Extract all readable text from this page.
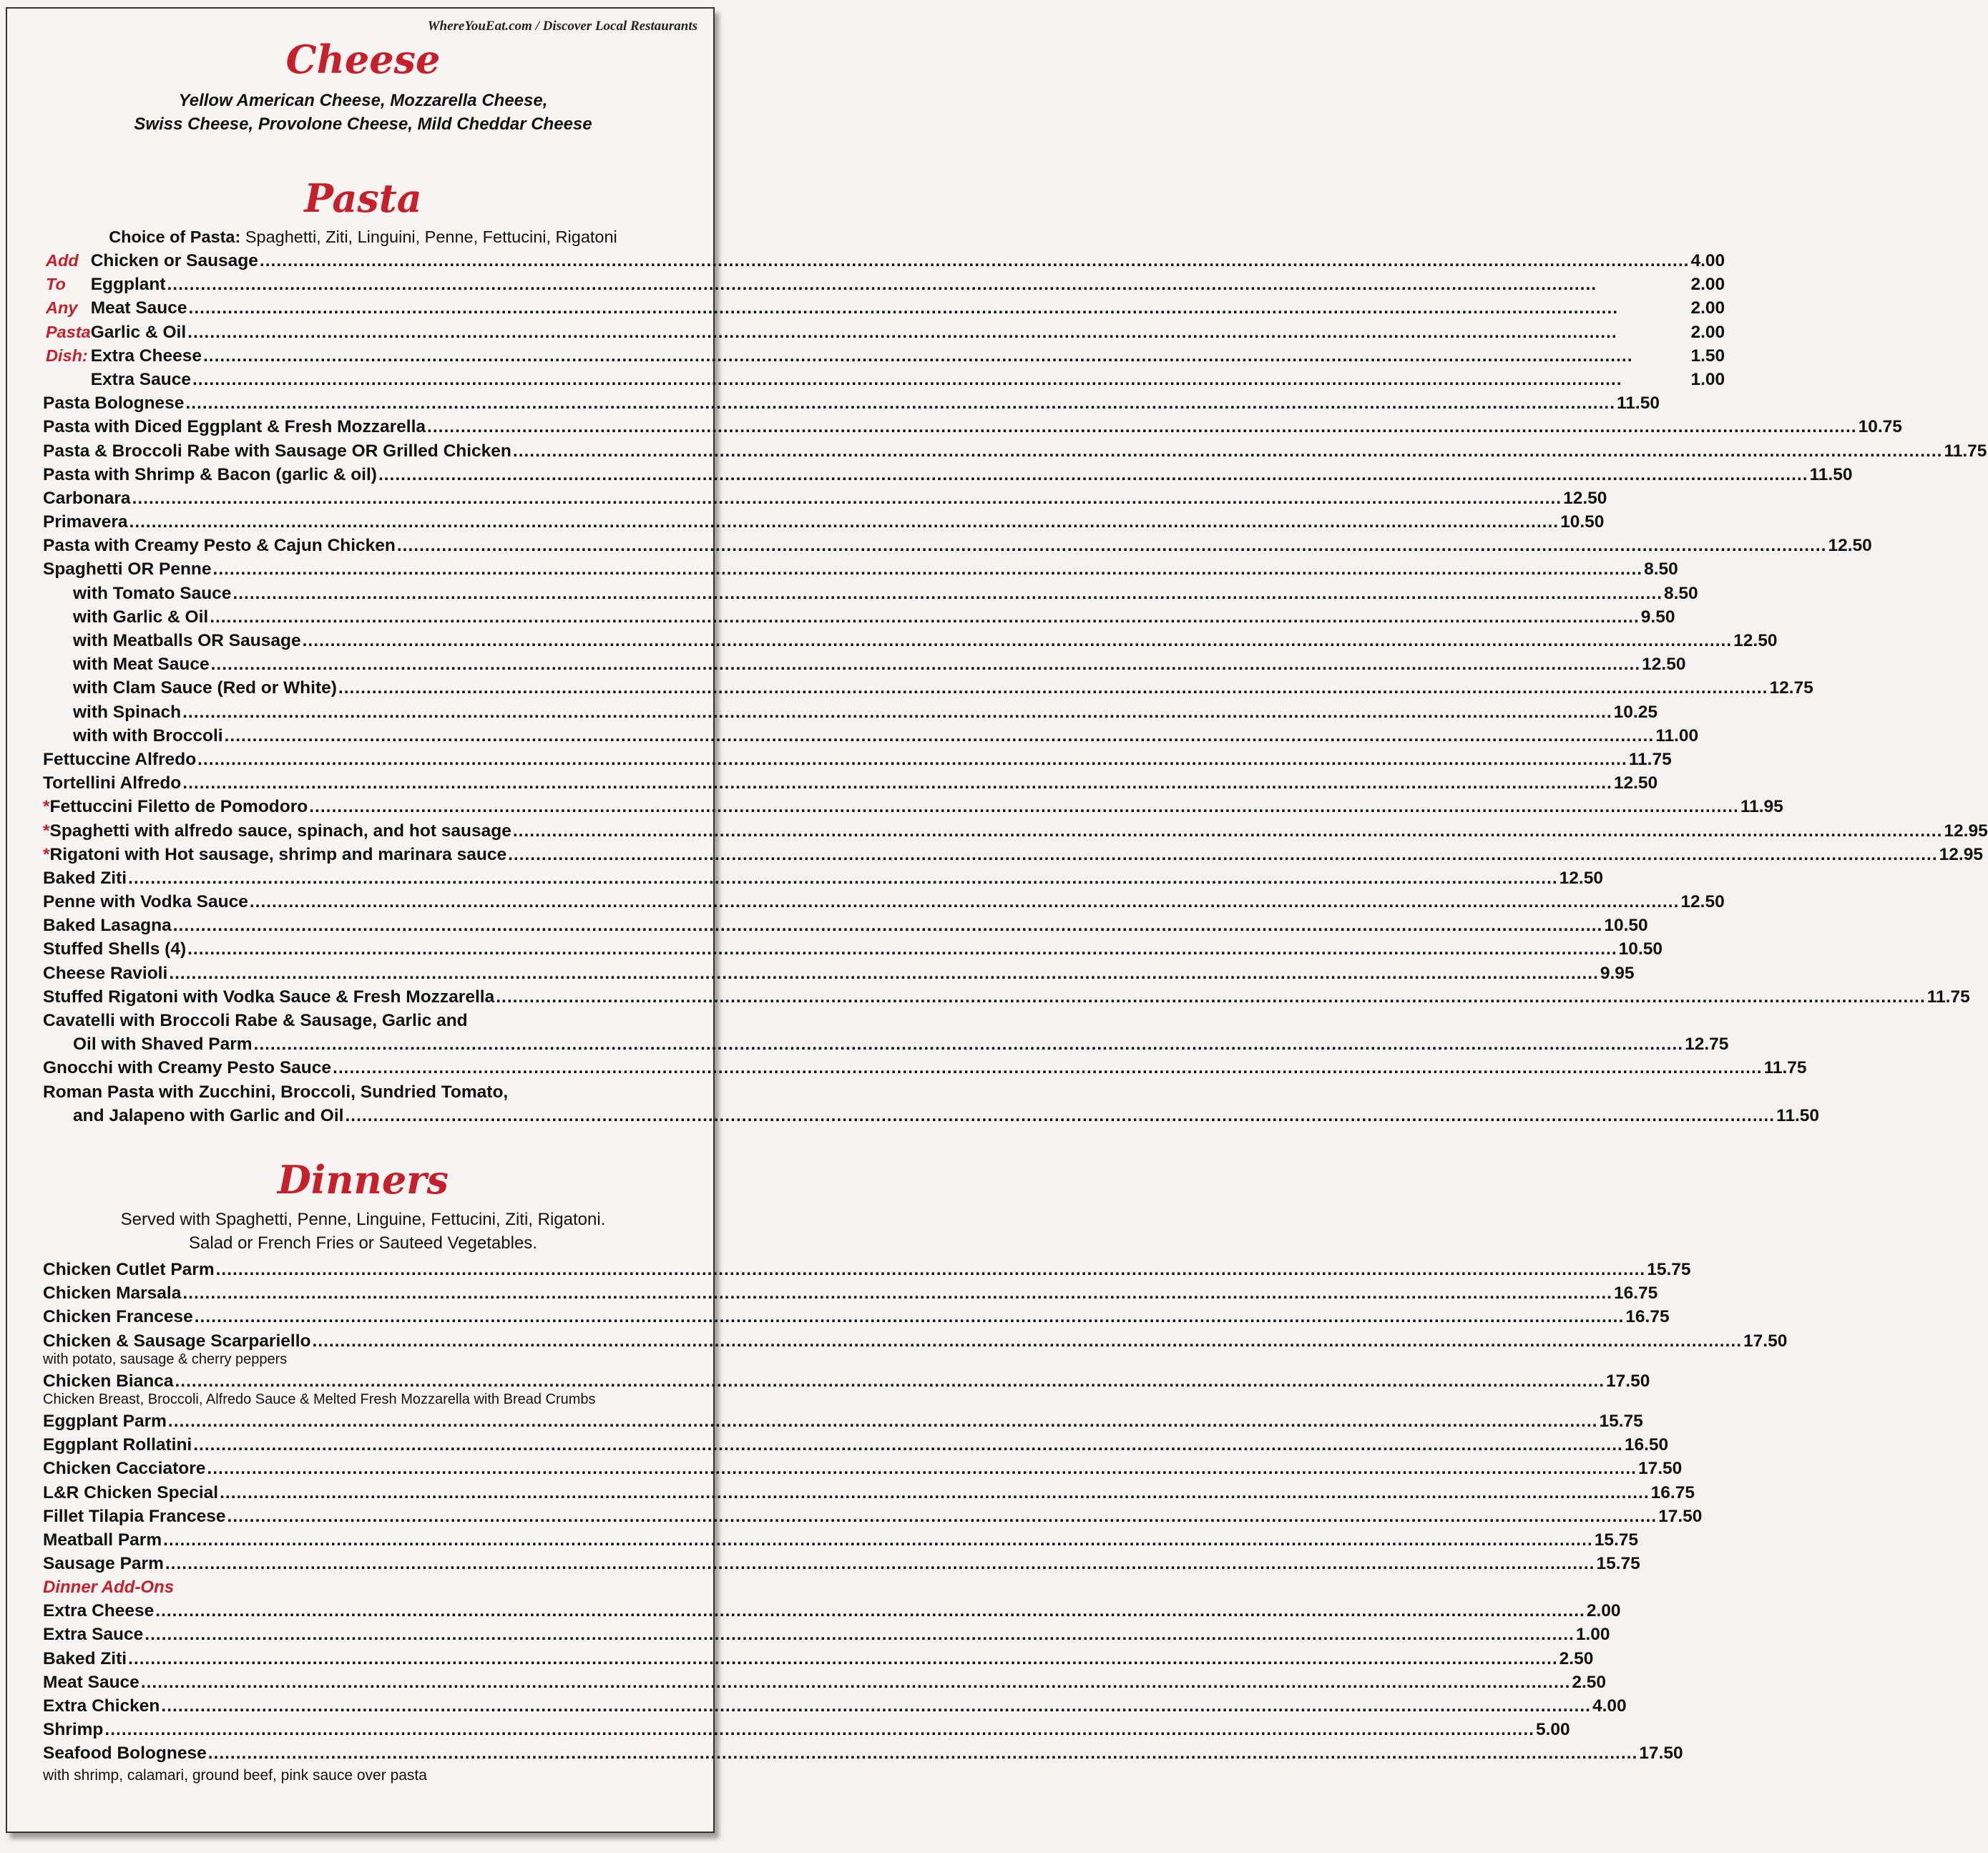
WhereYouEat.com / Discover Local Restaurants
Cheese

Yellow American Cheese, Mozzarella Cheese,

Swiss Cheese, Provolone Cheese, Mild Cheddar Cheese

Pasta
Choice of Pasta: Spaghetti, Ziti, Linguini, Penne, Fettucini, Rigatoni
Add To Any Pasta Dish:
Chicken or Sausage .....	4.00
Eggplant .....	2.00
Meat Sauce .....	2.00
Garlic & Oil .....	2.00
Extra Cheese .....	1.50
Extra Sauce .....	1.00
Pasta Bolognese .....	11.50
Pasta with Diced Eggplant & Fresh Mozzarella .....	10.75
Pasta & Broccoli Rabe with Sausage OR Grilled Chicken .....	11.75
Pasta with Shrimp & Bacon (garlic & oil) .....	11.50
Carbonara .....	12.50
Primavera .....	10.50
Pasta with Creamy Pesto & Cajun Chicken .....	12.50
Spaghetti OR Penne .....	8.50
with Tomato Sauce .....	8.50
with Garlic & Oil .....	9.50
with Meatballs OR Sausage .....	12.50
with Meat Sauce .....	12.50
with Clam Sauce (Red or White) .....	12.75
with Spinach .....	10.25
with with Broccoli .....	11.00
Fettuccine Alfredo .....	11.75
Tortellini Alfredo .....	12.50
*Fettuccini Filetto de Pomodoro .....	11.95
*Spaghetti with alfredo sauce, spinach, and hot sausage .....	12.95
*Rigatoni with Hot sausage, shrimp and marinara sauce .....	12.95
Baked Ziti .....	12.50
Penne with Vodka Sauce .....	12.50
Baked Lasagna .....	10.50
Stuffed Shells (4) .....	10.50
Cheese Ravioli .....	9.95
Stuffed Rigatoni with Vodka Sauce & Fresh Mozzarella .....	11.75
Cavatelli with Broccoli Rabe & Sausage, Garlic and
Oil with Shaved Parm .....	12.75
Gnocchi with Creamy Pesto Sauce .....	11.75
Roman Pasta with Zucchini, Broccoli, Sundried Tomato,
and Jalapeno with Garlic and Oil .....	11.50
Dinners

Served with Spaghetti, Penne, Linguine, Fettucini, Ziti, Rigatoni.

Salad or French Fries or Sauteed Vegetables.

Chicken Cutlet Parm .....	15.75
Chicken Marsala .....	16.75
Chicken Francese .....	16.75
Chicken & Sausage Scarpariello .....	17.50
with potato, sausage & cherry peppers
Chicken Bianca .....	17.50
Chicken Breast, Broccoli, Alfredo Sauce & Melted Fresh Mozzarella with Bread Crumbs
Eggplant Parm .....	15.75
Eggplant Rollatini .....	16.50
Chicken Cacciatore .....	17.50
L&R Chicken Special .....	16.75
Fillet Tilapia Francese .....	17.50
Meatball Parm .....	15.75
Sausage Parm .....	15.75
Dinner Add-Ons
Extra Cheese .....	2.00
Extra Sauce .....	1.00
Baked Ziti .....	2.50
Meat Sauce .....	2.50
Extra Chicken .....	4.00
Shrimp .....	5.00
Seafood Bolognese .....	17.50
with shrimp, calamari, ground beef, pink sauce over pasta
